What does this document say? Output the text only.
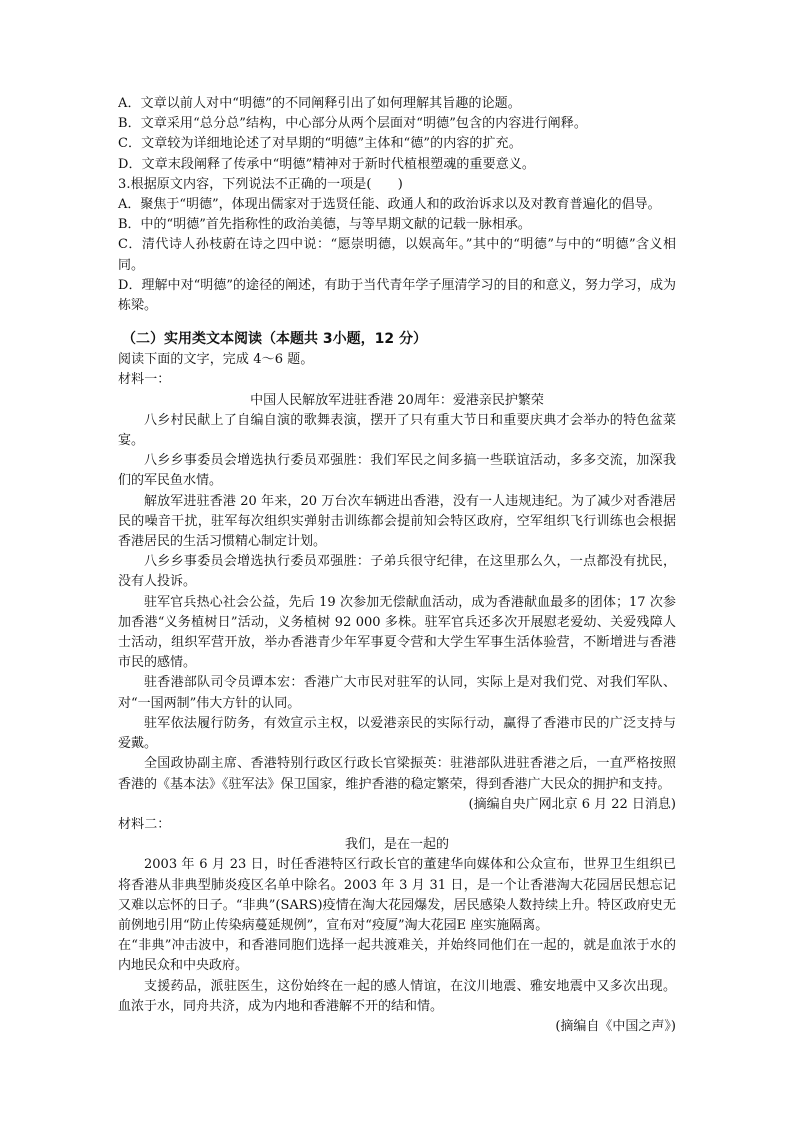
A．文章以前人对中“明德”的不同阐释引出了如何理解其旨趣的论题。
B．文章采用“总分总”结构，中心部分从两个层面对“明德”包含的内容进行阐释。
C．文章较为详细地论述了对早期的“明德”主体和“德”的内容的扩充。
D．文章末段阐释了传承中“明德”精神对于新时代植根塑魂的重要意义。
3.根据原文内容，下列说法不正确的一项是(　　)
A．聚焦于“明德”，体现出儒家对于选贤任能、政通人和的政治诉求以及对教育普遍化的倡导。
B．中的“明德”首先指称性的政治美德，与等早期文献的记载一脉相承。
C．清代诗人孙枝蔚在诗之四中说：“愿崇明德，以娱高年。”其中的“明德”与中的“明德”含义相同。
D．理解中对“明德”的途径的阐述，有助于当代青年学子厘清学习的目的和意义，努力学习，成为栋梁。
（二）实用类文本阅读（本题共 3小题，12 分）
阅读下面的文字，完成 4～6 题。
材料一：
中国人民解放军进驻香港 20周年：爱港亲民护繁荣
八乡村民献上了自编自演的歌舞表演，摆开了只有重大节日和重要庆典才会举办的特色盆菜宴。
八乡乡事委员会增选执行委员邓强胜：我们军民之间多搞一些联谊活动，多多交流，加深我们的军民鱼水情。
解放军进驻香港 20 年来，20 万台次车辆进出香港，没有一人违规违纪。为了减少对香港居民的噪音干扰，驻军每次组织实弹射击训练都会提前知会特区政府，空军组织飞行训练也会根据香港居民的生活习惯精心制定计划。
八乡乡事委员会增选执行委员邓强胜：子弟兵很守纪律，在这里那么久，一点都没有扰民，没有人投诉。
驻军官兵热心社会公益，先后 19 次参加无偿献血活动，成为香港献血最多的团体；17 次参加香港“义务植树日”活动，义务植树 92 000 多株。驻军官兵还多次开展慰老爱幼、关爱残障人士活动，组织军营开放，举办香港青少年军事夏令营和大学生军事生活体验营，不断增进与香港市民的感情。
驻香港部队司令员谭本宏：香港广大市民对驻军的认同，实际上是对我们党、对我们军队、对“一国两制”伟大方针的认同。
驻军依法履行防务，有效宣示主权，以爱港亲民的实际行动，赢得了香港市民的广泛支持与爱戴。
全国政协副主席、香港特别行政区行政长官梁振英：驻港部队进驻香港之后，一直严格按照香港的《基本法》《驻军法》保卫国家，维护香港的稳定繁荣，得到香港广大民众的拥护和支持。
(摘编自央广网北京 6 月 22 日消息)
材料二：
我们，是在一起的
2003 年 6 月 23 日，时任香港特区行政长官的董建华向媒体和公众宣布，世界卫生组织已将香港从非典型肺炎疫区名单中除名。2003 年 3 月 31 日，是一个让香港淘大花园居民想忘记又难以忘怀的日子。“非典”(SARS)疫情在淘大花园爆发，居民感染人数持续上升。特区政府史无前例地引用“防止传染病蔓延规例”，宣布对“疫厦”淘大花园E 座实施隔离。
在“非典”冲击波中，和香港同胞们选择一起共渡难关，并始终同他们在一起的，就是血浓于水的内地民众和中央政府。
支援药品，派驻医生，这份始终在一起的感人情谊，在汶川地震、雅安地震中又多次出现。血浓于水，同舟共济，成为内地和香港解不开的结和情。
(摘编自《中国之声》)
